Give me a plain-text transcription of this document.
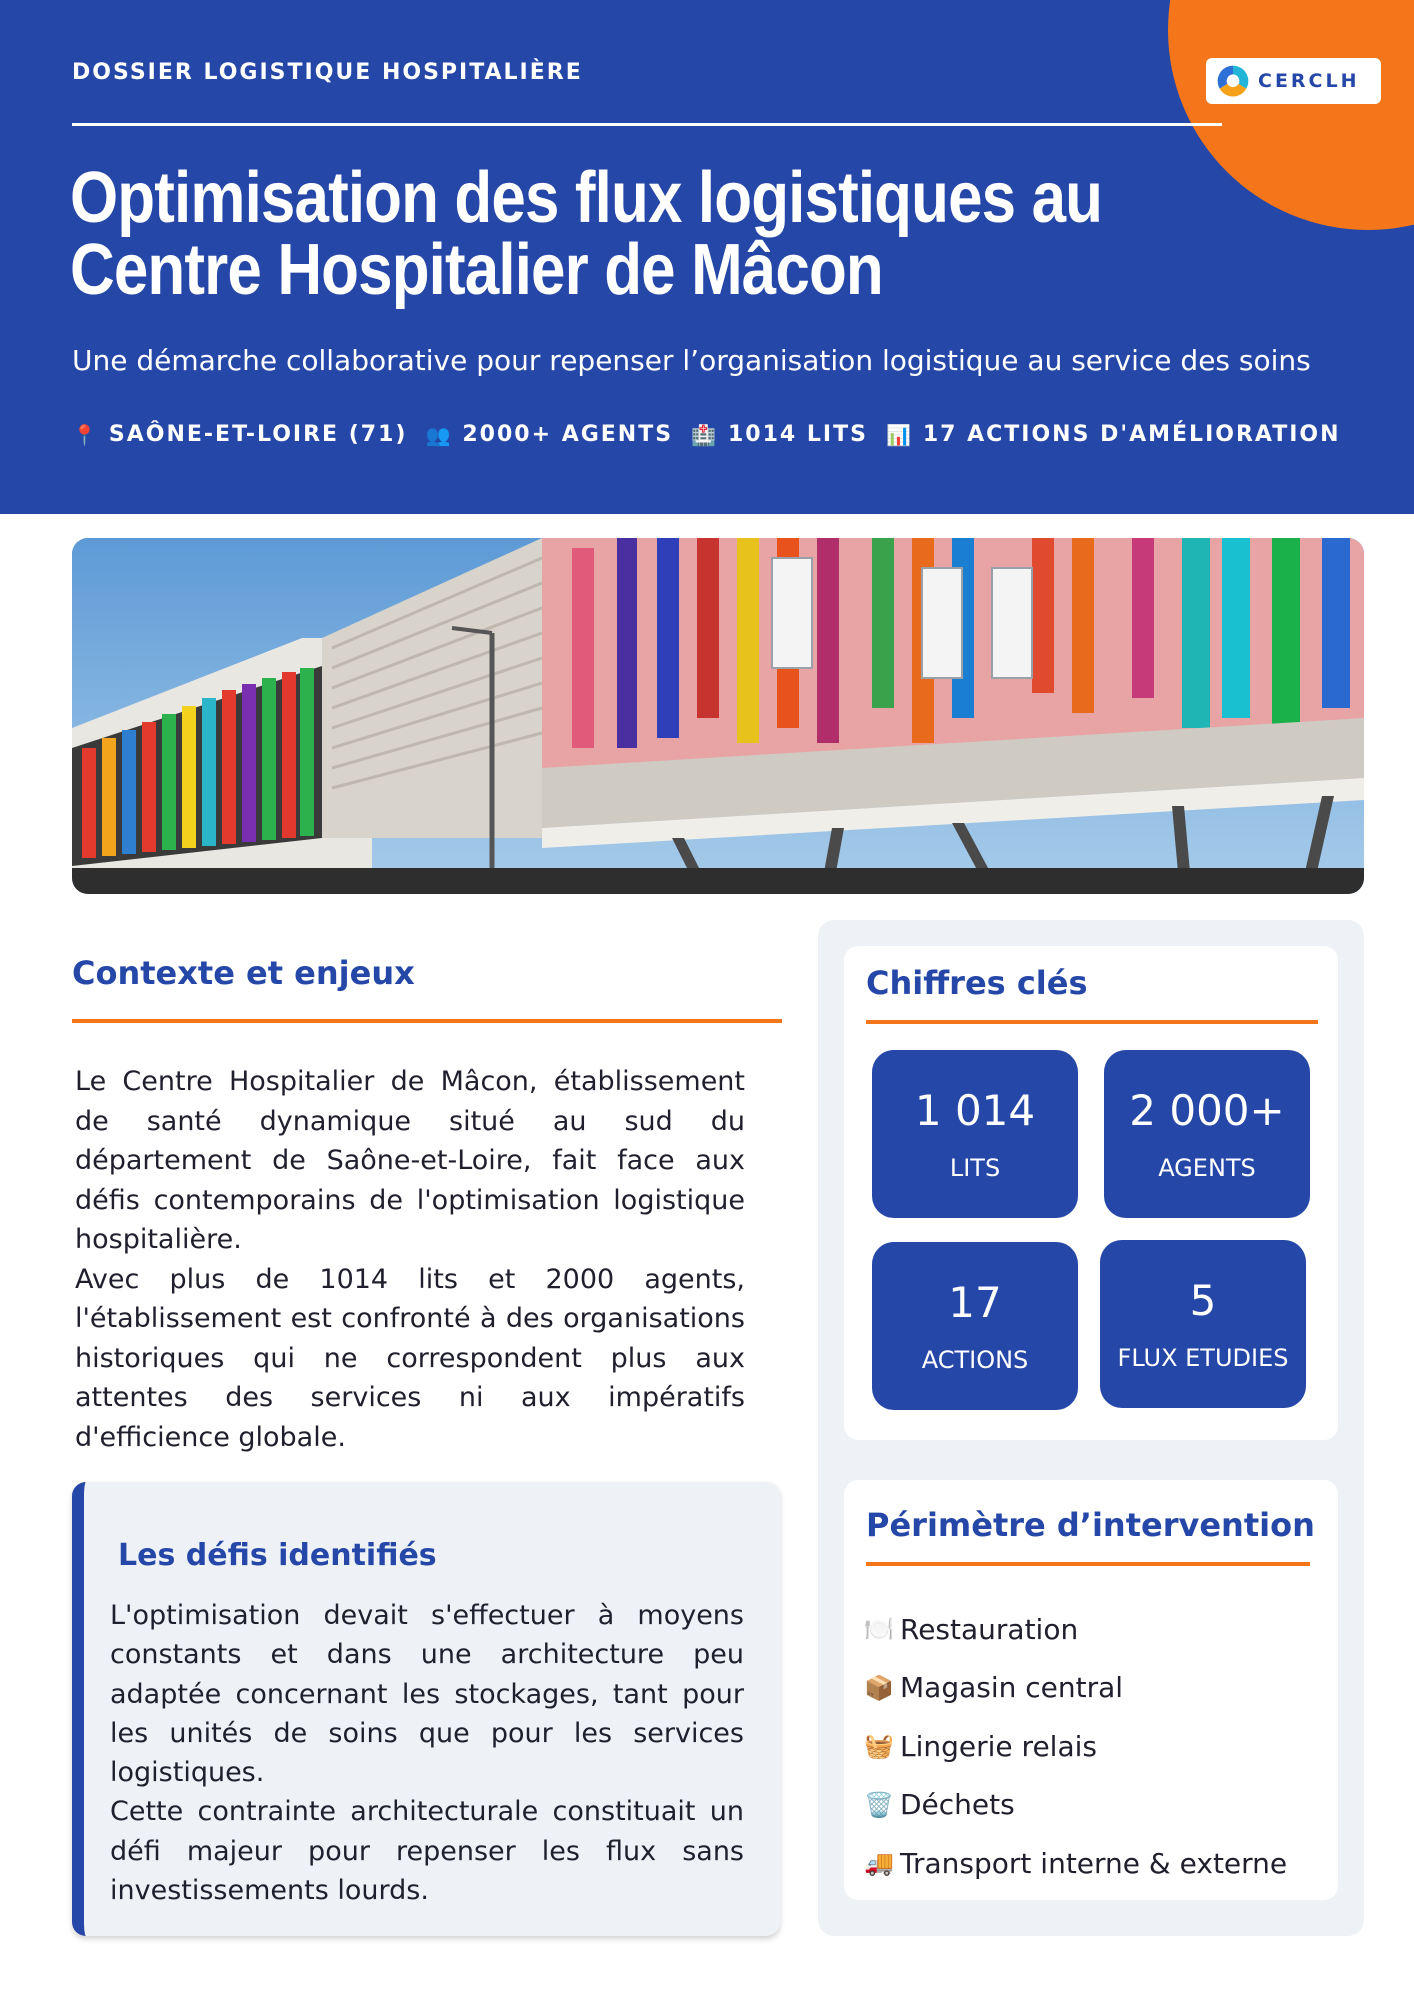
CERCLH
DOSSIER LOGISTIQUE HOSPITALIÈRE
Optimisation des flux logistiques au Centre Hospitalier de Mâcon
Une démarche collaborative pour repenser l’organisation logistique au service des soins
📍 SAÔNE-ET-LOIRE (71) 👥 2000+ AGENTS 🏥 1014 LITS 📊 17 ACTIONS D'AMÉLIORATION
Contexte et enjeux

Le Centre Hospitalier de Mâcon, établissement de santé dynamique situé au sud du département de Saône-et-Loire, fait face aux défis contemporains de l'optimisation logistique hospitalière.

Avec plus de 1014 lits et 2000 agents, l'établissement est confronté à des organisations historiques qui ne correspondent plus aux attentes des services ni aux impératifs d'efficience globale.

Les défis identifiés

L'optimisation devait s'effectuer à moyens constants et dans une architecture peu adaptée concernant les stockages, tant pour les unités de soins que pour les services logistiques.

Cette contrainte architecturale constituait un défi majeur pour repenser les flux sans investissements lourds.

Chiffres clés
1 014
LITS
2 000+
AGENTS
17
ACTIONS
5
FLUX ETUDIES
Périmètre d’intervention
🍽️ Restauration
📦 Magasin central
🧺 Lingerie relais
🗑️ Déchets
🚚 Transport interne & externe
